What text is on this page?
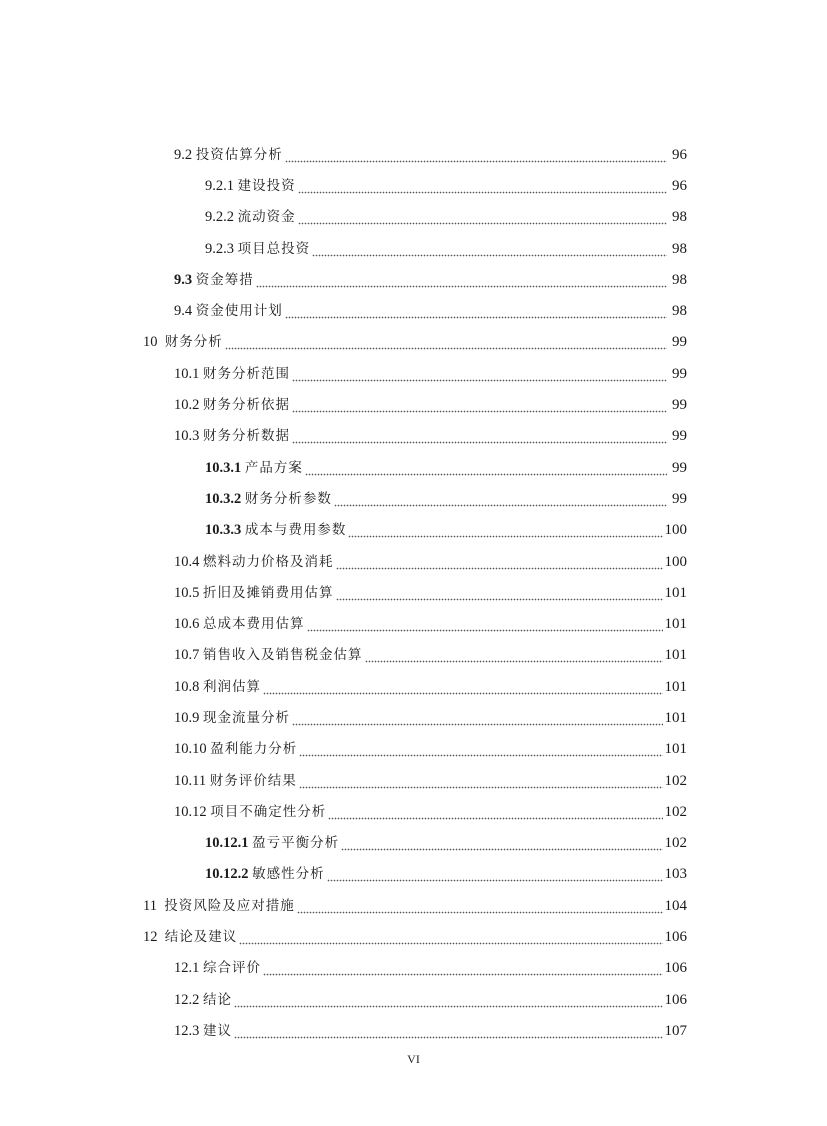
9.2 投资估算分析	96
9.2.1 建设投资	96
9.2.2 流动资金	98
9.2.3 项目总投资	98
9.3 资金筹措	98
9.4 资金使用计划	98
10 财务分析	99
10.1 财务分析范围	99
10.2 财务分析依据	99
10.3 财务分析数据	99
10.3.1 产品方案	99
10.3.2 财务分析参数	99
10.3.3 成本与费用参数	100
10.4 燃料动力价格及消耗	100
10.5 折旧及摊销费用估算	101
10.6 总成本费用估算	101
10.7 销售收入及销售税金估算	101
10.8 利润估算	101
10.9 现金流量分析	101
10.10 盈利能力分析	101
10.11 财务评价结果	102
10.12 项目不确定性分析	102
10.12.1 盈亏平衡分析	102
10.12.2 敏感性分析	103
11 投资风险及应对措施	104
12 结论及建议	106
12.1 综合评价	106
12.2 结论	106
12.3 建议	107
VI
